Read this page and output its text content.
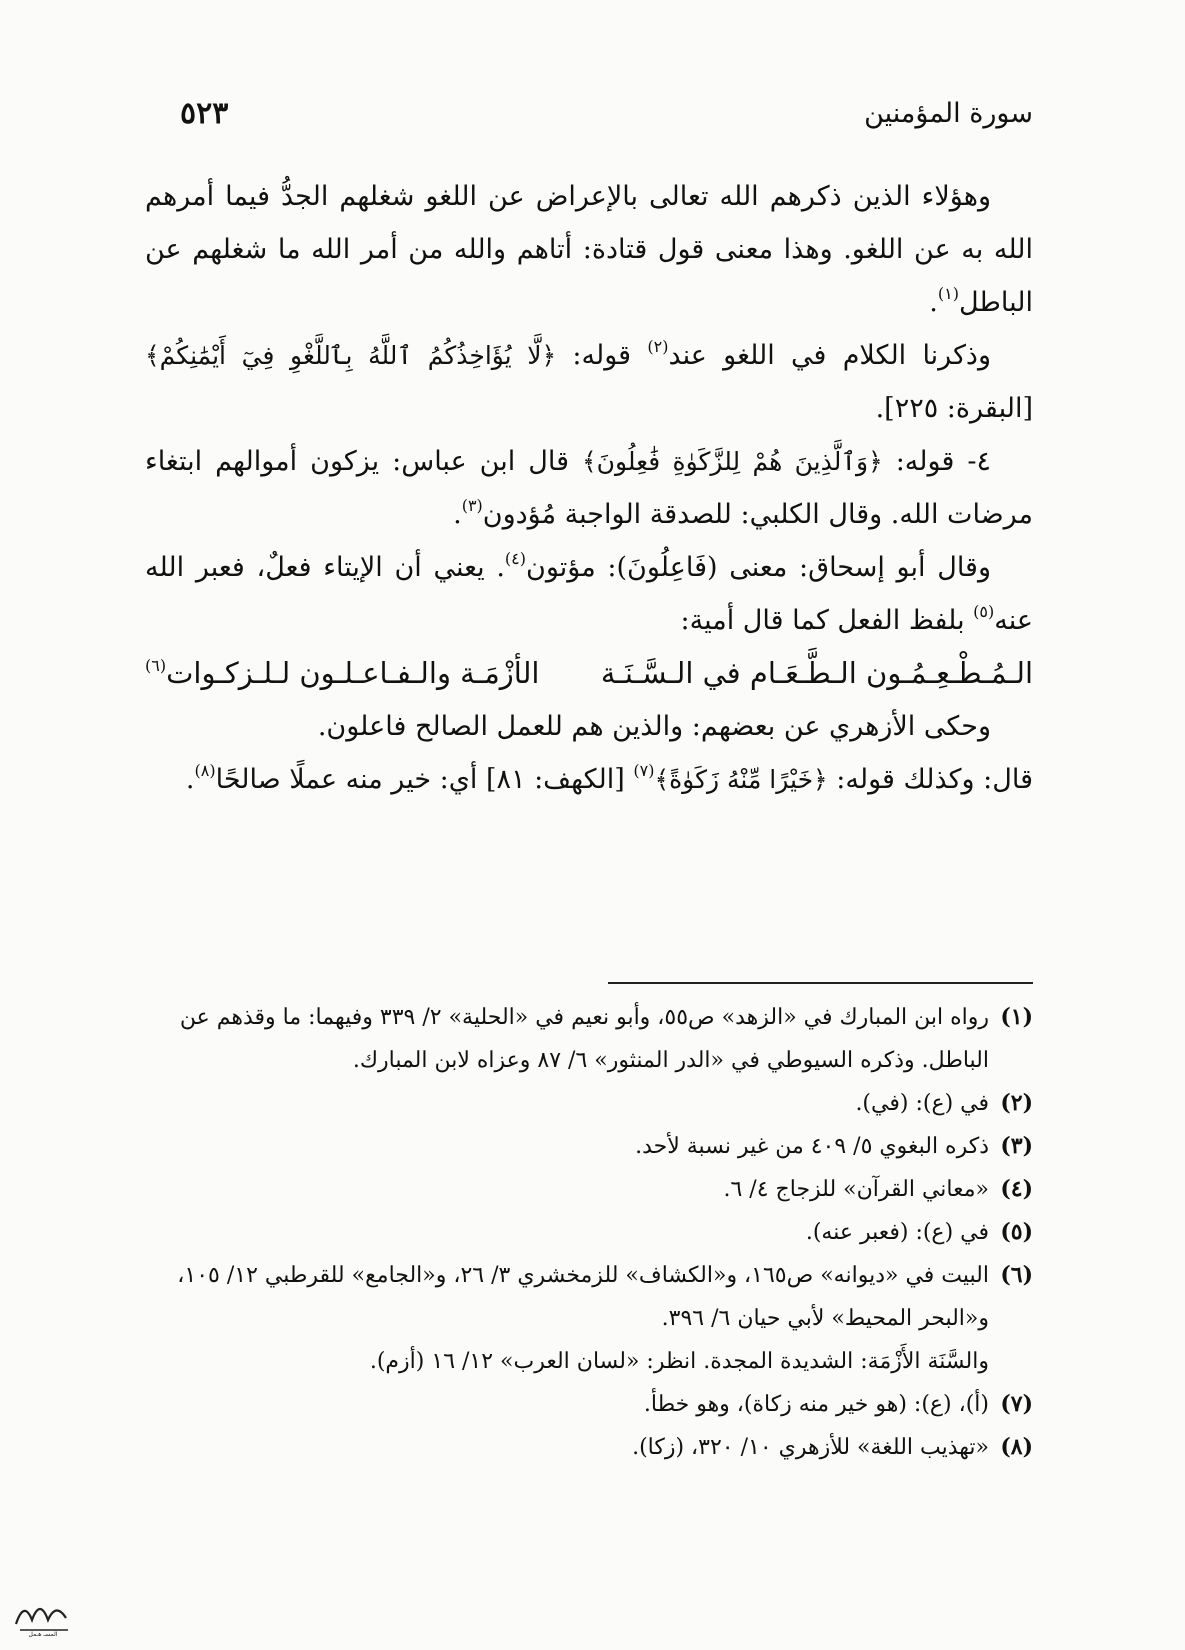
سورة المؤمنين
٥٢٣

وهؤلاء الذين ذكرهم الله تعالى بالإعراض عن اللغو شغلهم الجدُّ فيما أمرهم الله به عن اللغو. وهذا معنى قول قتادة: أتاهم والله من أمر الله ما شغلهم عن الباطل$^{(١)}$.

وذكرنا الكلام في اللغو عند$^{(٢)}$ قوله: ﴿لَّا يُؤَاخِذُكُمُ ٱللَّهُ بِٱللَّغْوِ فِيٓ أَيْمَٰنِكُمْ﴾ [البقرة: ٢٢٥].

٤- قوله: ﴿وَٱلَّذِينَ هُمْ لِلزَّكَوٰةِ فَٰعِلُونَ﴾ قال ابن عباس: يزكون أموالهم ابتغاء مرضات الله. وقال الكلبي: للصدقة الواجبة مُؤدون$^{(٣)}$.

وقال أبو إسحاق: معنى (فَاعِلُونَ): مؤتون$^{(٤)}$. يعني أن الإيتاء فعلٌ، فعبر الله عنه$^{(٥)}$ بلفظ الفعل كما قال أمية:

الـمُـطْـعِـمُـون الـطَّـعَـام في الـسَّـنَـة
الأزْمَـة والـفـاعـلـون لـلـزكـوات$^{(٦)}$

وحكى الأزهري عن بعضهم: والذين هم للعمل الصالح فاعلون.

قال: وكذلك قوله: ﴿خَيْرًا مِّنْهُ زَكَوٰةً﴾$^{(٧)}$ [الكهف: ٨١] أي: خير منه عملًا صالحًا$^{(٨)}$.

(١)
رواه ابن المبارك في «الزهد» ص٥٥، وأبو نعيم في «الحلية» ٢/ ٣٣٩ وفيهما: ما وقذهم عن الباطل. وذكره السيوطي في «الدر المنثور» ٦/ ٨٧ وعزاه لابن المبارك.
(٢)
في (ع): (في).
(٣)
ذكره البغوي ٥/ ٤٠٩ من غير نسبة لأحد.
(٤)
«معاني القرآن» للزجاج ٤/ ٦.
(٥)
في (ع): (فعبر عنه).
(٦)
البيت في «ديوانه» ص١٦٥، و«الكشاف» للزمخشري ٣/ ٢٦، و«الجامع» للقرطبي ١٢/ ١٠٥، و«البحر المحيط» لأبي حيان ٦/ ٣٩٦.
والسَّنَة الأَزْمَة: الشديدة المجدة. انظر: «لسان العرب» ١٢/ ١٦ (أزم).
(٧)
(أ)، (ع): (هو خير منه زكاة)، وهو خطأ.
(٨)
«تهذيب اللغة» للأزهري ١٠/ ٣٢٠، (زكا).
المسـ هـمل
